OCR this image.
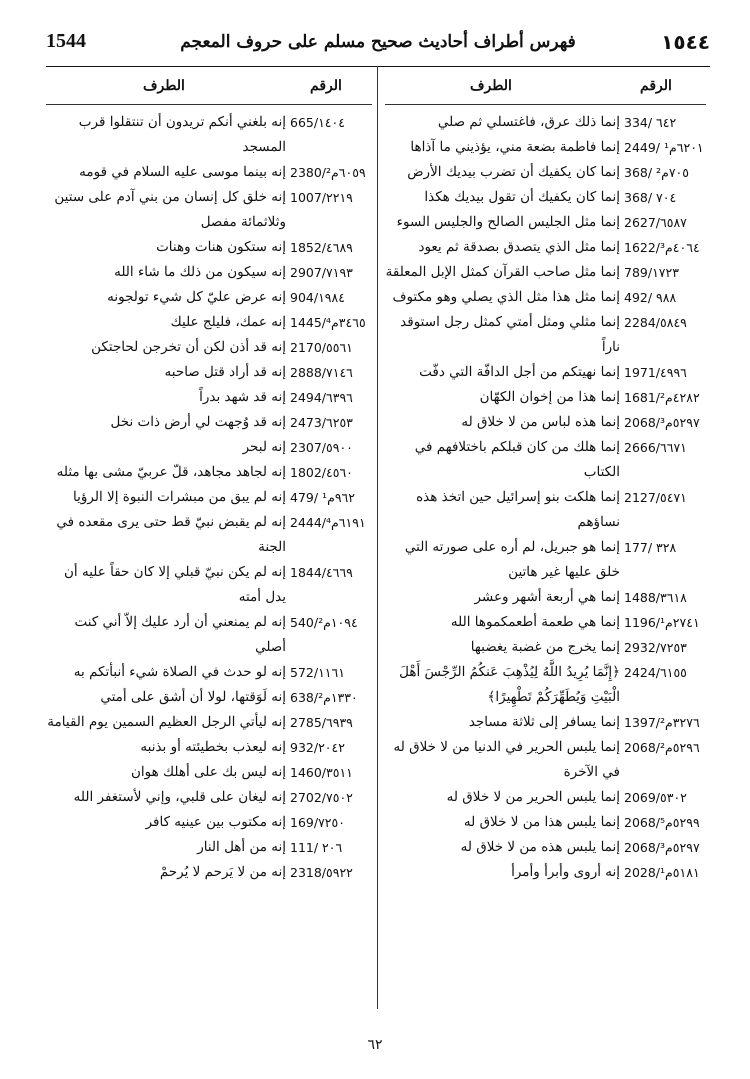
1544	فهرس أطراف أحاديث صحيح مسلم على حروف المعجم	١٥٤٤
الرقم
الطرف
الرقم
الطرف
334/ ٦٤٢
إنما ذلك عرق، فاغتسلي ثم صلي
2449/ ٦٢٠١م¹
إنما فاطمة بضعة مني، يؤذيني ما آذاها
368/ ٧٠٥م²
إنما كان يكفيك أن تضرب بيديك الأرض
368/ ٧٠٤
إنما كان يكفيك أن تقول بيديك هكذا
2627/٦٥٨٧
إنما مثل الجليس الصالح والجليس السوء
1622/٤٠٦٤م³
إنما مثل الذي يتصدق بصدقة ثم يعود
789/١٧٢٣
إنما مثل صاحب القرآن كمثل الإبل المعلقة
492/ ٩٨٨
إنما مثل هذا مثل الذي يصلي وهو مكتوف
2284/٥٨٤٩
إنما مثلي ومثل أمتي كمثل رجل استوقد ناراً
1971/٤٩٩٦
إنما نهيتكم من أجل الدافّة التي دفّت
1681/٤٢٨٢م²
إنما هذا من إخوان الكهّان
2068/٥٢٩٧م³
إنما هذه لباس من لا خلاق له
2666/٦٦٧١
إنما هلك من كان قبلكم باختلافهم في الكتاب
2127/٥٤٧١
إنما هلكت بنو إسرائيل حين اتخذ هذه نساؤهم
177/ ٣٢٨
إنما هو جبريل، لم أره على صورته التي خلق عليها غير هاتين
1488/٣٦١٨
إنما هي أربعة أشهر وعشر
1196/٢٧٤١م¹
إنما هي طعمة أطعمكموها الله
2932/٧٢٥٣
إنما يخرج من غضبة يغضبها
2424/٦١٥٥
﴿إِنَّمَا يُرِيدُ اللَّهُ لِيُذْهِبَ عَنكُمُ الرِّجْسَ أَهْلَ الْبَيْتِ وَيُطَهِّرَكُمْ تَطْهِيرًا﴾
1397/٣٢٧٦م²
إنما يسافر إلى ثلاثة مساجد
2068/٥٢٩٦م²
إنما يلبس الحرير في الدنيا من لا خلاق له في الآخرة
2069/٥٣٠٢
إنما يلبس الحرير من لا خلاق له
2068/٥٢٩٩م⁵
إنما يلبس هذا من لا خلاق له
2068/٥٢٩٧م³
إنما يلبس هذه من لا خلاق له
2028/٥١٨١م¹
إنه أروى وأبرأ وأمرأ
665/١٤٠٤
إنه بلغني أنكم تريدون أن تنتقلوا قرب المسجد
2380/٦٠٥٩م²
إنه بينما موسى عليه السلام في قومه
1007/٢٢١٩
إنه خلق كل إنسان من بني آدم على ستين وثلاثمائة مفصل
1852/٤٦٨٩
إنه ستكون هنات وهنات
2907/٧١٩٣
إنه سيكون من ذلك ما شاء الله
904/١٩٨٤
إنه عرض عليّ كل شيء تولجونه
1445/٣٤٦٥م⁴
إنه عمك، فليلج عليك
2170/٥٥٦١
إنه قد أذن لكن أن تخرجن لحاجتكن
2888/٧١٤٦
إنه قد أراد قتل صاحبه
2494/٦٣٩٦
إنه قد شهد بدراً
2473/٦٢٥٣
إنه قد وُجهت لي أرض ذات نخل
2307/٥٩٠٠
إنه لبحر
1802/٤٥٦٠
إنه لجاهد مجاهد، قلّ عربيّ مشى بها مثله
479/ ٩٦٢م¹
إنه لم يبق من مبشرات النبوة إلا الرؤيا
2444/٦١٩١م⁴
إنه لم يقبض نبيّ قط حتى يرى مقعده في الجنة
1844/٤٦٦٩
إنه لم يكن نبيّ قبلي إلا كان حقاً عليه أن يدل أمته
540/١٠٩٤م²
إنه لم يمنعني أن أرد عليك إلاّ أني كنت أصلي
572/١١٦١
إنه لو حدث في الصلاة شيء أنبأتكم به
638/١٣٣٠م²
إنه لَوَقتها، لولا أن أشق على أمتي
2785/٦٩٣٩
إنه ليأتي الرجل العظيم السمين يوم القيامة
932/٢٠٤٢
إنه ليعذب بخطيئته أو بذنبه
1460/٣٥١١
إنه ليس بك على أهلك هوان
2702/٧٥٠٢
إنه ليغان على قلبي، وإني لأستغفر الله
169/٧٢٥٠
إنه مكتوب بين عينيه كافر
111/ ٢٠٦
إنه من أهل النار
2318/٥٩٢٢
إنه من لا يَرحم لا يُرحمْ
٦٢
